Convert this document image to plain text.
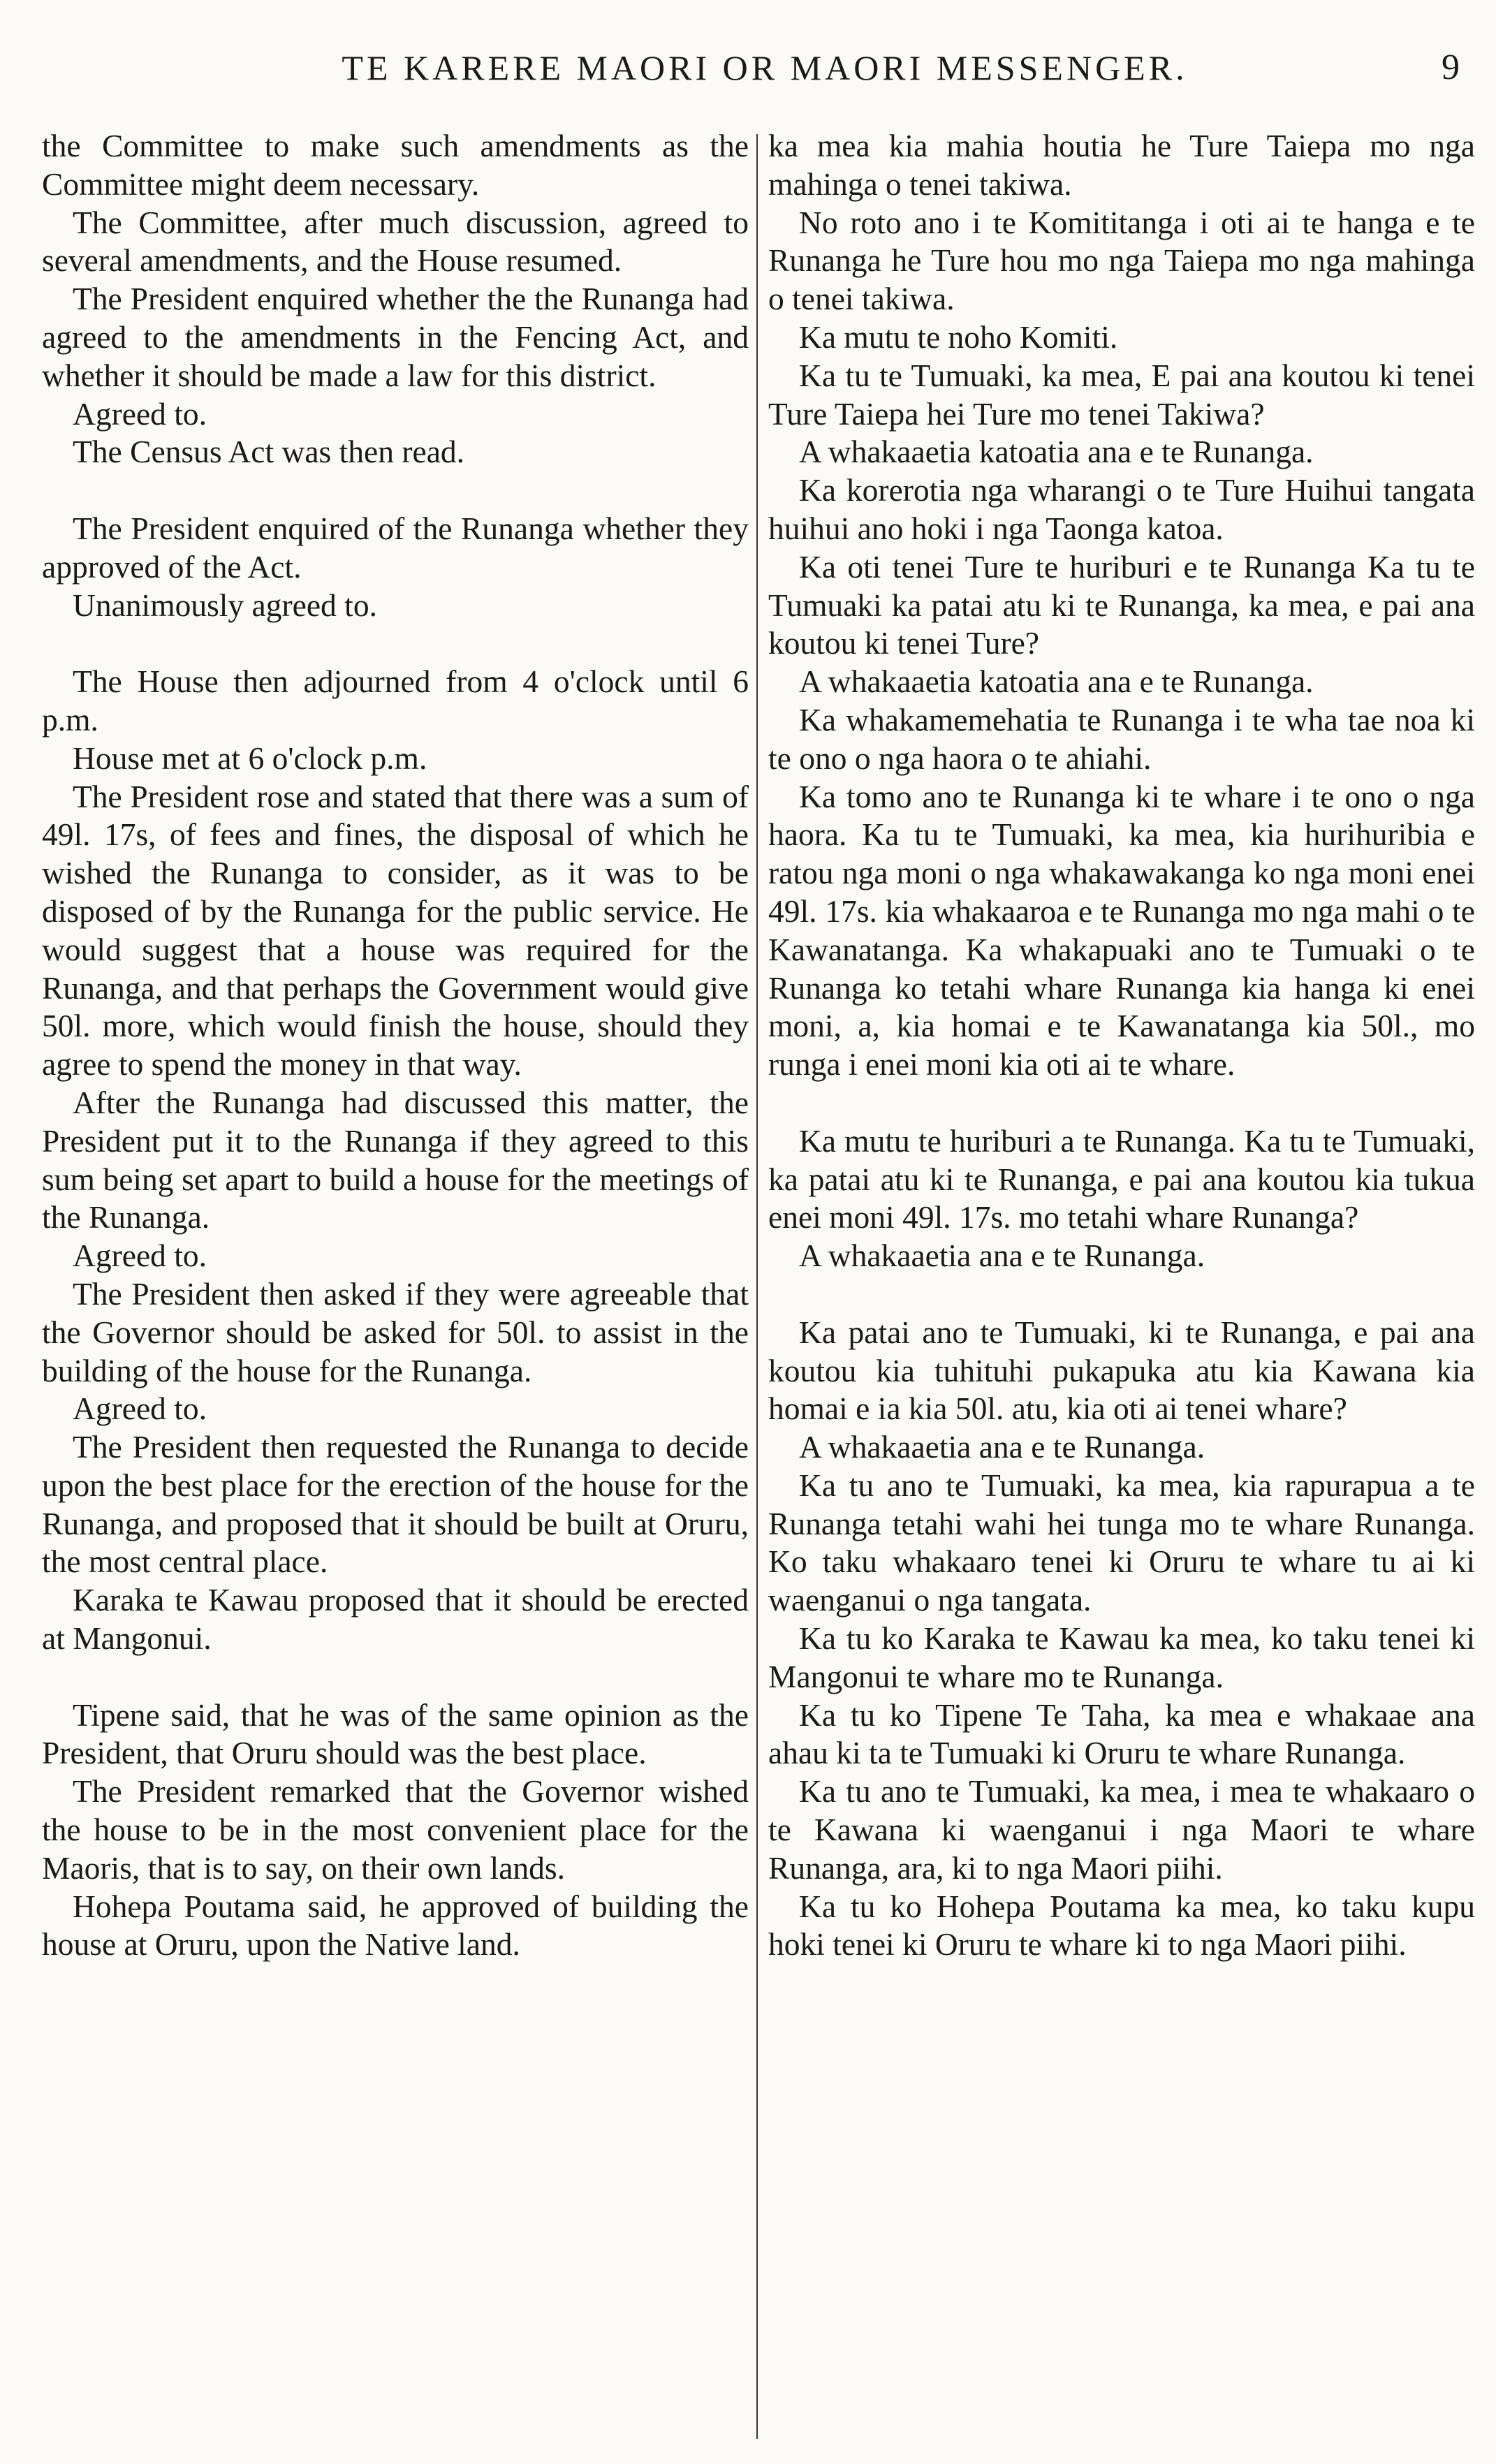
TE KARERE MAORI OR MAORI MESSENGER.	9

the Committee to make such amendments as the Committee might deem necessary.

The Committee, after much discussion, agreed to several amendments, and the House resumed.

The President enquired whether the the Runanga had agreed to the amendments in the Fencing Act, and whether it should be made a law for this district.

Agreed to.

The Census Act was then read.

The President enquired of the Runanga whether they approved of the Act.

Unanimously agreed to.

The House then adjourned from 4 o'clock until 6 p.m.

House met at 6 o'clock p.m.

The President rose and stated that there was a sum of 49l. 17s, of fees and fines, the disposal of which he wished the Runanga to consider, as it was to be disposed of by the Runanga for the public service. He would suggest that a house was required for the Runanga, and that perhaps the Government would give 50l. more, which would finish the house, should they agree to spend the money in that way.

After the Runanga had discussed this matter, the President put it to the Runanga if they agreed to this sum being set apart to build a house for the meetings of the Runanga.

Agreed to.

The President then asked if they were agreeable that the Governor should be asked for 50l. to assist in the building of the house for the Runanga.

Agreed to.

The President then requested the Runanga to decide upon the best place for the erection of the house for the Runanga, and proposed that it should be built at Oruru, the most central place.

Karaka te Kawau proposed that it should be erected at Mangonui.

Tipene said, that he was of the same opinion as the President, that Oruru should was the best place.

The President remarked that the Governor wished the house to be in the most convenient place for the Maoris, that is to say, on their own lands.

Hohepa Poutama said, he approved of building the house at Oruru, upon the Native land.

ka mea kia mahia houtia he Ture Taiepa mo nga mahinga o tenei takiwa.

No roto ano i te Komititanga i oti ai te hanga e te Runanga he Ture hou mo nga Taiepa mo nga mahinga o tenei takiwa.

Ka mutu te noho Komiti.

Ka tu te Tumuaki, ka mea, E pai ana koutou ki tenei Ture Taiepa hei Ture mo tenei Takiwa?

A whakaaetia katoatia ana e te Runanga.

Ka korerotia nga wharangi o te Ture Huihui tangata huihui ano hoki i nga Taonga katoa.

Ka oti tenei Ture te huriburi e te Runanga Ka tu te Tumuaki ka patai atu ki te Runanga, ka mea, e pai ana koutou ki tenei Ture?

A whakaaetia katoatia ana e te Runanga.

Ka whakamemehatia te Runanga i te wha tae noa ki te ono o nga haora o te ahiahi.

Ka tomo ano te Runanga ki te whare i te ono o nga haora. Ka tu te Tumuaki, ka mea, kia hurihuribia e ratou nga moni o nga whakawakanga ko nga moni enei 49l. 17s. kia whakaaroa e te Runanga mo nga mahi o te Kawanatanga. Ka whakapuaki ano te Tumuaki o te Runanga ko tetahi whare Runanga kia hanga ki enei moni, a, kia homai e te Kawanatanga kia 50l., mo runga i enei moni kia oti ai te whare.

Ka mutu te huriburi a te Runanga. Ka tu te Tumuaki, ka patai atu ki te Runanga, e pai ana koutou kia tukua enei moni 49l. 17s. mo tetahi whare Runanga?

A whakaaetia ana e te Runanga.

Ka patai ano te Tumuaki, ki te Runanga, e pai ana koutou kia tuhituhi pukapuka atu kia Kawana kia homai e ia kia 50l. atu, kia oti ai tenei whare?

A whakaaetia ana e te Runanga.

Ka tu ano te Tumuaki, ka mea, kia rapurapua a te Runanga tetahi wahi hei tunga mo te whare Runanga. Ko taku whakaaro tenei ki Oruru te whare tu ai ki waenganui o nga tangata.

Ka tu ko Karaka te Kawau ka mea, ko taku tenei ki Mangonui te whare mo te Runanga.

Ka tu ko Tipene Te Taha, ka mea e whakaae ana ahau ki ta te Tumuaki ki Oruru te whare Runanga.

Ka tu ano te Tumuaki, ka mea, i mea te whakaaro o te Kawana ki waenganui i nga Maori te whare Runanga, ara, ki to nga Maori piihi.

Ka tu ko Hohepa Poutama ka mea, ko taku kupu hoki tenei ki Oruru te whare ki to nga Maori piihi.
